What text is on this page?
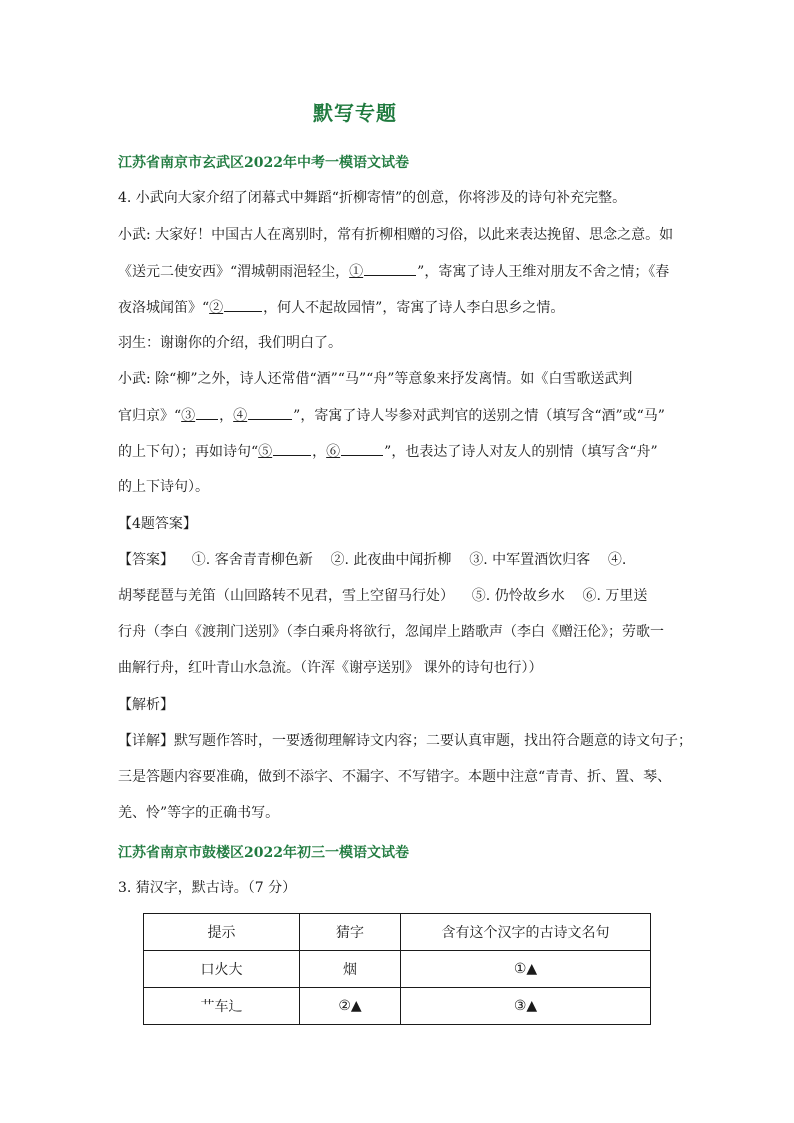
默写专题
江苏省南京市玄武区2022年中考一模语文试卷
4. 小武向大家介绍了闭幕式中舞蹈“折柳寄情”的创意，你将涉及的诗句补充完整。
小武: 大家好！中国古人在离别时，常有折柳相赠的习俗，以此来表达挽留、思念之意。如
《送元二使安西》“渭城朝雨浥轻尘，①	”，寄寓了诗人王维对朋友不舍之情；《春
夜洛城闻笛》“②	，何人不起故园情”，寄寓了诗人李白思乡之情。
羽生：谢谢你的介绍，我们明白了。
小武: 除“柳”之外，诗人还常借“酒”“马”“舟”等意象来抒发离情。如《白雪歌送武判
官归京》“③ ，④	”，寄寓了诗人岑参对武判官的送别之情（填写含“酒”或“马”
的上下句）；再如诗句“⑤	，⑥	”，也表达了诗人对友人的别情（填写含“舟”
的上下诗句）。
【4题答案】
【答案】    ①. 客舍青青柳色新    ②. 此夜曲中闻折柳    ③. 中军置酒饮归客    ④.
胡琴琵琶与羌笛（山回路转不见君，雪上空留马行处）    ⑤. 仍怜故乡水    ⑥. 万里送
行舟（李白《渡荆门送别》（李白乘舟将欲行，忽闻岸上踏歌声（李白《赠汪伦》；劳歌一
曲解行舟，红叶青山水急流。（许浑《谢亭送别》 课外的诗句也行））
【解析】
【详解】默写题作答时，一要透彻理解诗文内容；二要认真审题，找出符合题意的诗文句子；
三是答题内容要准确，做到不添字、不漏字、不写错字。本题中注意“青青、折、置、琴、
羌、怜”等字的正确书写。
江苏省南京市鼓楼区2022年初三一模语文试卷
3. 猜汉字，默古诗。（7 分）
提示	猜字	含有这个汉字的古诗文名句
口火大	烟	①▲
艹车辶	②▲	③▲
